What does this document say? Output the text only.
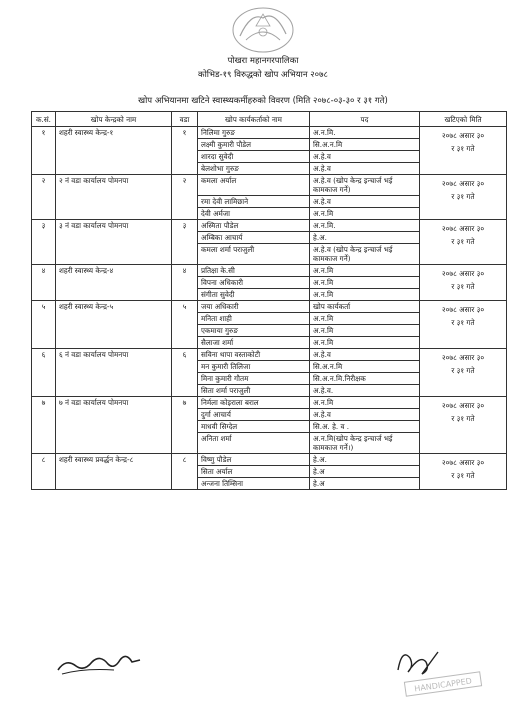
पोखरा महानगरपालिका
कोभिड-१९ विरुद्धको खोप अभियान २०७८
खोप अभियानमा खटिने स्वास्थ्यकर्मीहरुको विवरण (मिति २०७८-०३-३० र ३१ गते)
क.सं.	खोप केन्द्रको नाम	वडा	खोप कार्यकर्ताको नाम	पद	खटिएको मिति
१	शहरी स्वास्थ्य केन्द्र-१	१	निलिमा गुरुङ	अ.न.मि.	२०७८ असार ३०
र ३१ गते

			लक्ष्मी कुमारी पौडेल	सि.अ.न.मि	
			शारदा सुवेदी	अ.हे.व	
			बेलशोभा गुरुङ	अ.हे.व	
२	२ नं वडा कार्यालय पोमनपा	२	कमला अर्याल	अ.हे.व (खोप केन्द्र इन्चार्ज भई कामकाज गर्ने)	२०७८ असार ३०
र ३१ गते

			रमा देवी लामिछाने	अ.हे.व	
			देवी अर्मजा	अ.न.मि	
३	३ नं वडा कार्यालय पोमनपा	३	अस्मिता पौडेल	अ.न.मि.	२०७८ असार ३०
र ३१ गते

			अम्बिका आचार्य	हे.अ.	
			कमला शर्मा पराजुली	अ.हे.व (खोप केन्द्र इन्चार्ज भई कामकाज गर्ने)	
४	शहरी स्वास्थ्य केन्द्र-४	४	प्रतिक्षा के.सी	अ.न.मि	२०७८ असार ३०
र ३१ गते

			विपना अधिकारी	अ.न.मि	
			संगीता सुवेदी	अ.न.मि	
५	शहरी स्वास्थ्य केन्द्र-५	५	जया अधिकारी	खोप कार्यकर्ता	२०७८ असार ३०
र ३१ गते

			मनिता शाही	अ.न.मि	
			एकमाया गुरुङ	अ.न.मि	
			सैलाजा शर्मा	अ.न.मि	
६	६ नं वडा कार्यालय पोमनपा	६	सविना थापा वस्ताकोटी	अ.हे.व	२०७८ असार ३०
र ३१ गते

			मन कुमारी तिलिजा	सि.अ.न.मि	
			मिना कुमारी गौतम	सि.अ.न.मि.निरीक्षक	
			सिता शर्मा पराजुली	अ.हे.व.	
७	७ नं वडा कार्यालय पोमनपा	७	निर्मला कोइराला बराल	अ.न.मि	२०७८ असार ३०
र ३१ गते

			दुर्गा आचार्य	अ.हे.व	
			माधवी सिग्देल	सि.अ. हे. व .	
			अनिता शर्मा	अ.न.मि(खोप केन्द्र इन्चार्ज भई कामकाज गर्ने।)	
८	शहरी स्वास्थ्य प्रवर्द्धन केन्द्र-८	८	विष्णु पौडेल	हे.अ.	२०७८ असार ३०
र ३१ गते

			सिता अर्याल	हे.अ	
			अन्जना तिम्सिना	हे.अ	
HANDICAPPED
